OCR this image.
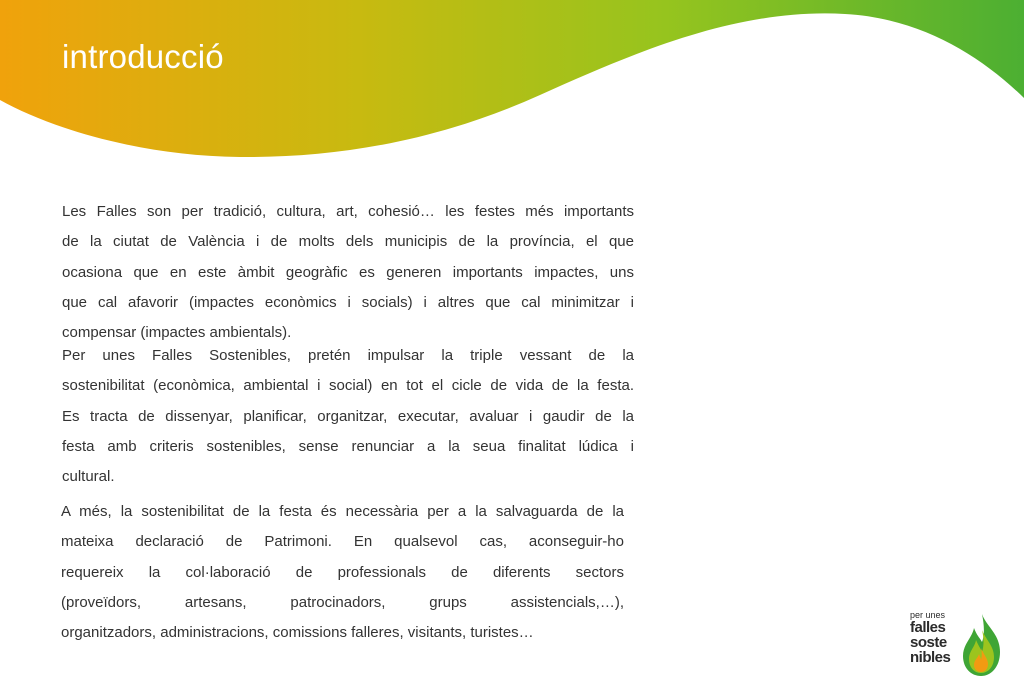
introducció
Les Falles son per tradició, cultura, art, cohesió… les festes més importants
de la ciutat de València i de molts dels municipis de la província, el que
ocasiona que en este àmbit geogràfic es generen importants impactes, uns
que cal afavorir (impactes econòmics i socials) i altres que cal minimitzar i
compensar (impactes ambientals).
Per unes Falles Sostenibles, pretén impulsar la triple vessant de la
sostenibilitat (econòmica, ambiental i social) en tot el cicle de vida de la festa.
Es tracta de dissenyar, planificar, organitzar, executar, avaluar i gaudir de la
festa amb criteris sostenibles, sense renunciar a la seua finalitat lúdica i
cultural.
A més, la sostenibilitat de la festa és necessària per a la salvaguarda de la
mateixa declaració de Patrimoni. En qualsevol cas, aconseguir-ho
requereix la col·laboració de professionals de diferents sectors
(proveïdors, artesans, patrocinadors, grups assistencials,…),
organitzadors, administracions, comissions falleres, visitants, turistes…
per unes
falles
soste
nibles
